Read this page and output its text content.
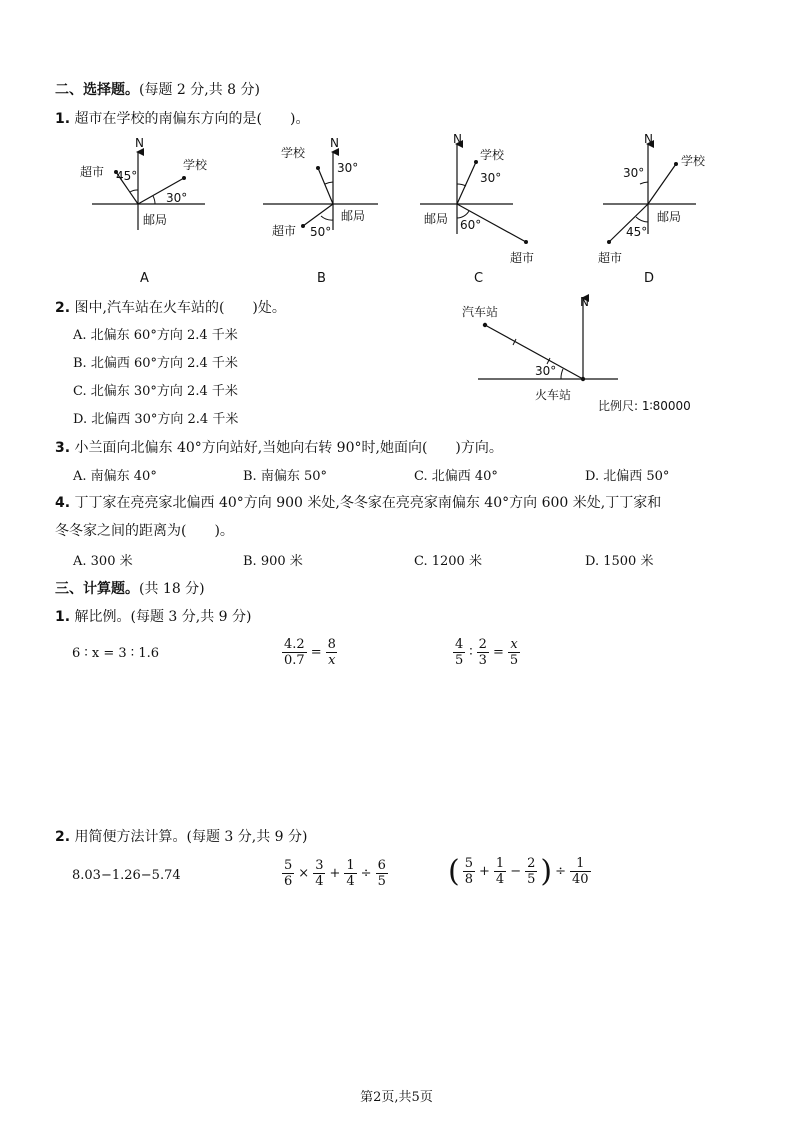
二、选择题。(每题 2 分,共 8 分)
1. 超市在学校的南偏东方向的是(　　)。
N
45°
30°
超市	学校
邮局
A
N
30°
50°
超市
学校
邮局
B
N
30°
60°
超市
学校
邮局
C
N
30°
45°
超市
学校
邮局
D
2. 图中,汽车站在火车站的(　　)处。
A. 北偏东 60°方向 2.4 千米
B. 北偏西 60°方向 2.4 千米
C. 北偏东 30°方向 2.4 千米
D. 北偏西 30°方向 2.4 千米
汽车站
N
30°
火车站
比例尺: 1∶80000
3. 小兰面向北偏东 40°方向站好,当她向右转 90°时,她面向(　　)方向。
A. 南偏东 40°	B. 南偏东 50°	C. 北偏西 40°	D. 北偏西 50°
4. 丁丁家在亮亮家北偏西 40°方向 900 米处,冬冬家在亮亮家南偏东 40°方向 600 米处,丁丁家和
冬冬家之间的距离为(　　)。
A. 300 米	B. 900 米	C. 1200 米	D. 1500 米
三、计算题。(共 18 分)
1. 解比例。(每题 3 分,共 9 分)
6 ∶ x = 3 ∶ 1.6	$\frac{4.2}{0.7} = \frac{8}{x}$	$\frac{4}{5}$ ∶ $\frac{2}{3} = \frac{x}{5}$
2. 用简便方法计算。(每题 3 分,共 9 分)
8.03−1.26−5.74	$\frac{5}{6} \times \frac{3}{4} + \frac{1}{4} \div \frac{6}{5}$ ( $\frac{5}{8} + \frac{1}{4} - \frac{2}{5}$ ) ÷ $\frac{1}{40}$
第2页,共5页
